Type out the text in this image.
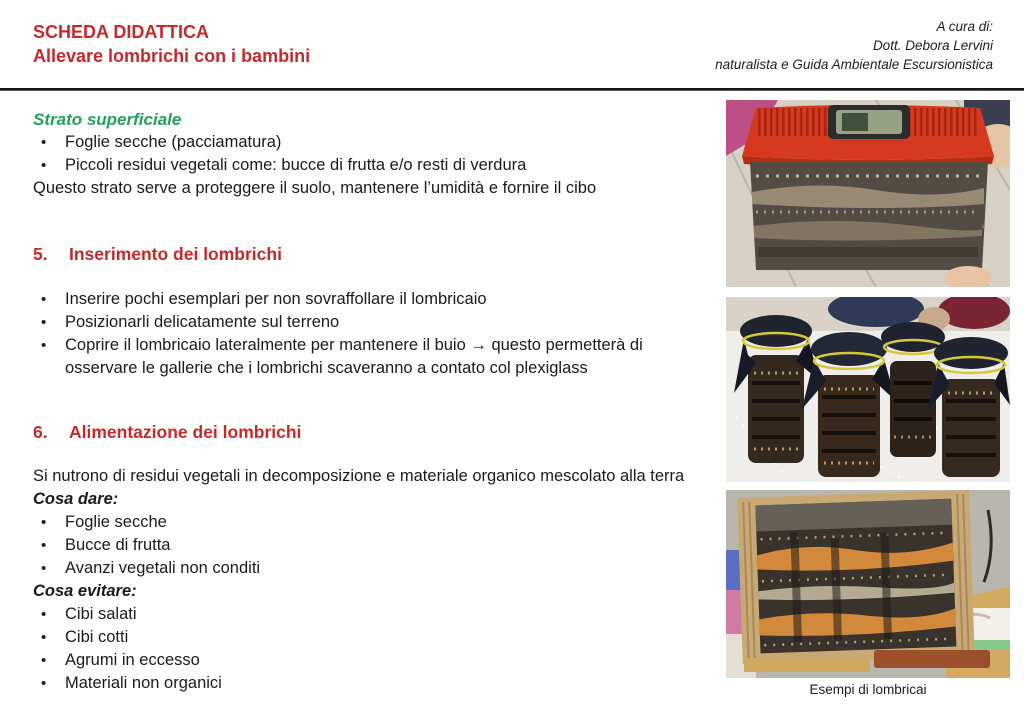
SCHEDA DIDATTICA
Allevare lombrichi con i bambini
A cura di:
Dott. Debora Lervini
naturalista e Guida Ambientale Escursionistica
Strato superficiale
• Foglie secche (pacciamatura)
• Piccoli residui vegetali come: bucce di frutta e/o resti di verdura
Questo strato serve a proteggere il suolo, mantenere l’umidità e fornire il cibo
5.	Inserimento dei lombrichi
• Inserire pochi esemplari per non sovraffollare il lombricaio
• Posizionarli delicatamente sul terreno
• Coprire il lombricaio lateralmente per mantenere il buio → questo permetterà di osservare le gallerie che i lombrichi scaveranno a contato col plexiglass
6.	Alimentazione dei lombrichi
Si nutrono di residui vegetali in decomposizione e materiale organico mescolato alla terra
Cosa dare:
• Foglie secche
• Bucce di frutta
• Avanzi vegetali non conditi
Cosa evitare:
• Cibi salati
• Cibi cotti
• Agrumi in eccesso
• Materiali non organici	Esempi di lombricai
